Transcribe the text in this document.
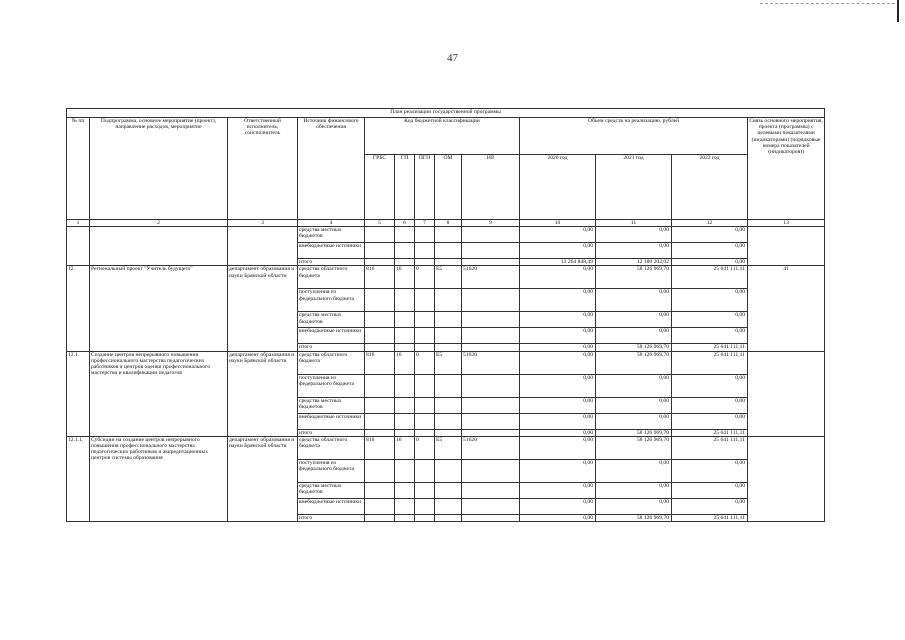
47
План реализации государственной программы												
№ пп	Подпрограмма, основное мероприятие (проект), направление расходов, мероприятие	Ответственный исполнитель, соисполнитель	Источник финансового обеспечения	Код бюджетной классификации					Объем средств на реализацию, рублей			Связь основного мероприятия, проекта (программы) с целевыми показателями (индикаторами) (порядковые номера показателей (индикаторов))
				ГРБС	ГП	ПГП	ОМ	НР	2020 год	2021 год	2022 год	
1	2	3	4	5	6	7	8	9	10	11	12	13
			средства местных бюджетов						0,00	0,00	0,00	
			внебюджетные источники						0,00	0,00	0,00	
			итого						13 264 848,49	12 180 202,02	0,00	
12.	Региональный проект "Учитель будущего"	департамент образования и науки Брянской области	средства областного бюджета	816	16	0	E5	51620	0,00	58 126 969,70	25 641 111,11	41
			поступления из федерального бюджета						0,00	0,00	0,00	
			средства местных бюджетов						0,00	0,00	0,00	
			внебюджетные источники						0,00	0,00	0,00	
			итого						0,00	58 126 969,70	25 641 111,11	
12.1.	Создание центров непрерывного повышения профессионального мастерства педагогических работников и центров оценки профессионального мастерства и квалификации педагогов	департамент образования и науки Брянской области	средства областного бюджета	816	16	0	E5	51620	0,00	58 126 969,70	25 641 111,11	
			поступления из федерального бюджета						0,00	0,00	0,00	
			средства местных бюджетов						0,00	0,00	0,00	
			внебюджетные источники						0,00	0,00	0,00	
			итого						0,00	58 126 969,70	25 641 111,11	
12.1.1.	Субсидии на создание центров непрерывного повышения профессионального мастерства педагогических работников и аккредитационных центров системы образования	департамент образования и науки Брянской области	средства областного бюджета	816	16	0	E5	51620	0,00	58 126 969,70	25 641 111,11	
			поступления из федерального бюджета						0,00	0,00	0,00	
			средства местных бюджетов						0,00	0,00	0,00	
			внебюджетные источники						0,00	0,00	0,00	
			итого						0,00	58 126 969,70	25 641 111,11	
